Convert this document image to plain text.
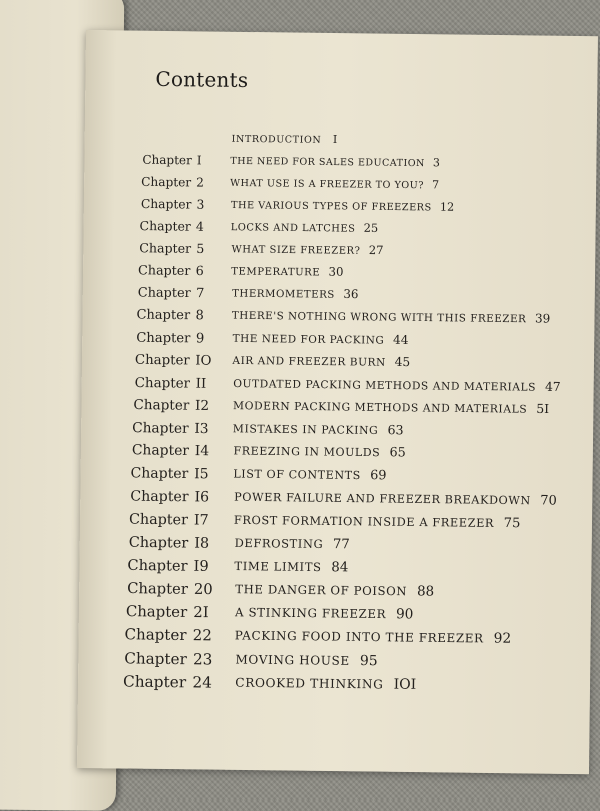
Contents
INTRODUCTION I
Chapter I	THE NEED FOR SALES EDUCATION 3
Chapter 2	WHAT USE IS A FREEZER TO YOU? 7
Chapter 3	THE VARIOUS TYPES OF FREEZERS 12
Chapter 4	LOCKS AND LATCHES 25
Chapter 5	WHAT SIZE FREEZER? 27
Chapter 6	TEMPERATURE 30
Chapter 7	THERMOMETERS 36
Chapter 8	THERE'S NOTHING WRONG WITH THIS FREEZER 39
Chapter 9	THE NEED FOR PACKING 44
Chapter IO	AIR AND FREEZER BURN 45
Chapter II	OUTDATED PACKING METHODS AND MATERIALS 47
Chapter I2	MODERN PACKING METHODS AND MATERIALS 5I
Chapter I3	MISTAKES IN PACKING 63
Chapter I4	FREEZING IN MOULDS 65
Chapter I5	LIST OF CONTENTS 69
Chapter I6	POWER FAILURE AND FREEZER BREAKDOWN 70
Chapter I7	FROST FORMATION INSIDE A FREEZER 75
Chapter I8	DEFROSTING 77
Chapter I9	TIME LIMITS 84
Chapter 20	THE DANGER OF POISON 88
Chapter 2I	A STINKING FREEZER 90
Chapter 22	PACKING FOOD INTO THE FREEZER 92
Chapter 23	MOVING HOUSE 95
Chapter 24	CROOKED THINKING IOI
